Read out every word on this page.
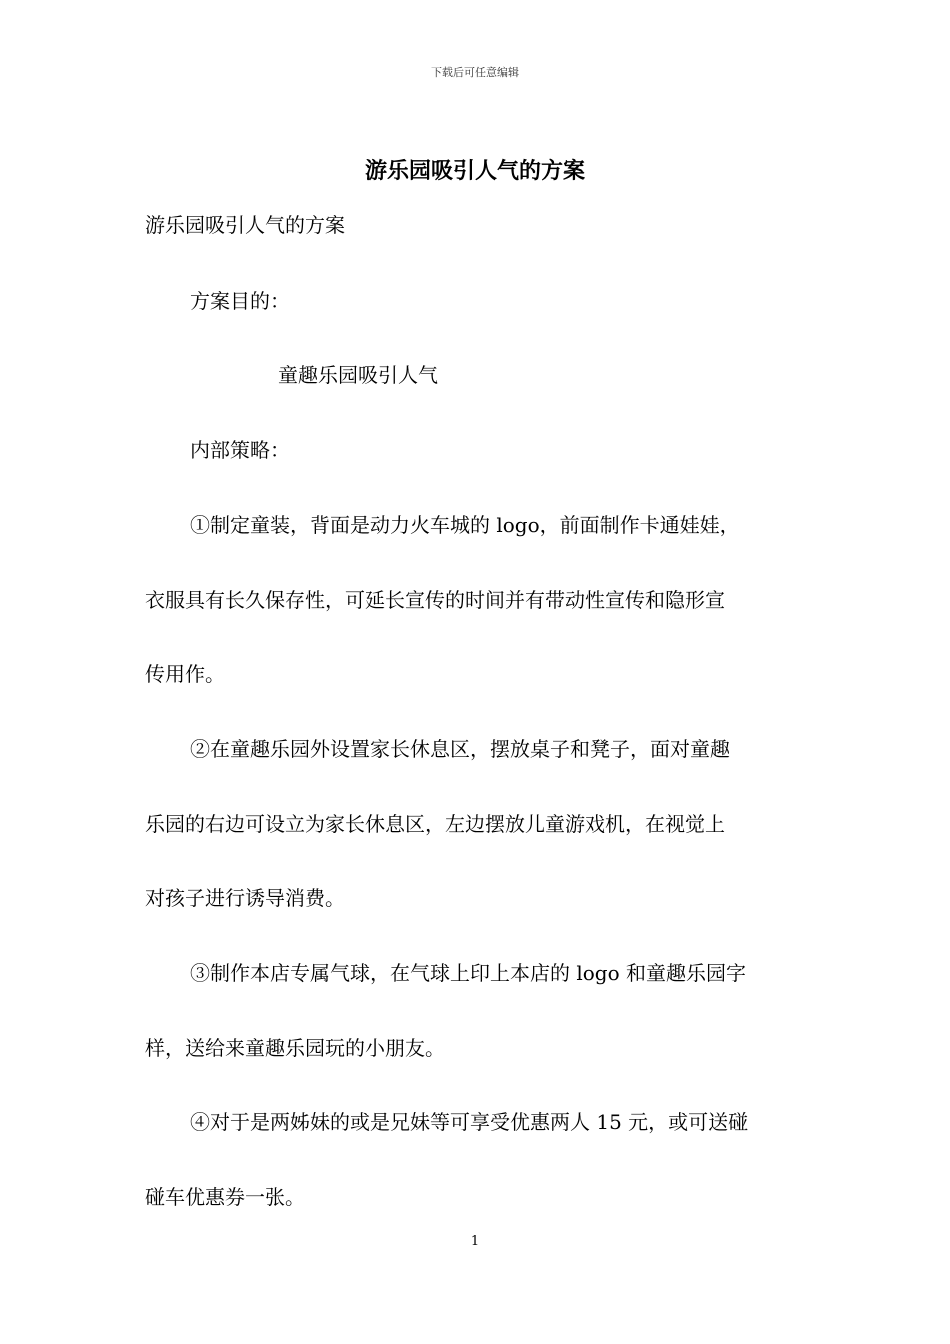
下载后可任意编辑
游乐园吸引人气的方案
游乐园吸引人气的方案
方案目的：
童趣乐园吸引人气
内部策略：
①制定童装，背面是动力火车城的 logo，前面制作卡通娃娃，
衣服具有长久保存性，可延长宣传的时间并有带动性宣传和隐形宣
传用作。
②在童趣乐园外设置家长休息区，摆放桌子和凳子，面对童趣
乐园的右边可设立为家长休息区，左边摆放儿童游戏机，在视觉上
对孩子进行诱导消费。
③制作本店专属气球，在气球上印上本店的 logo 和童趣乐园字
样，送给来童趣乐园玩的小朋友。
④对于是两姊妹的或是兄妹等可享受优惠两人 15 元，或可送碰
碰车优惠券一张。
1
